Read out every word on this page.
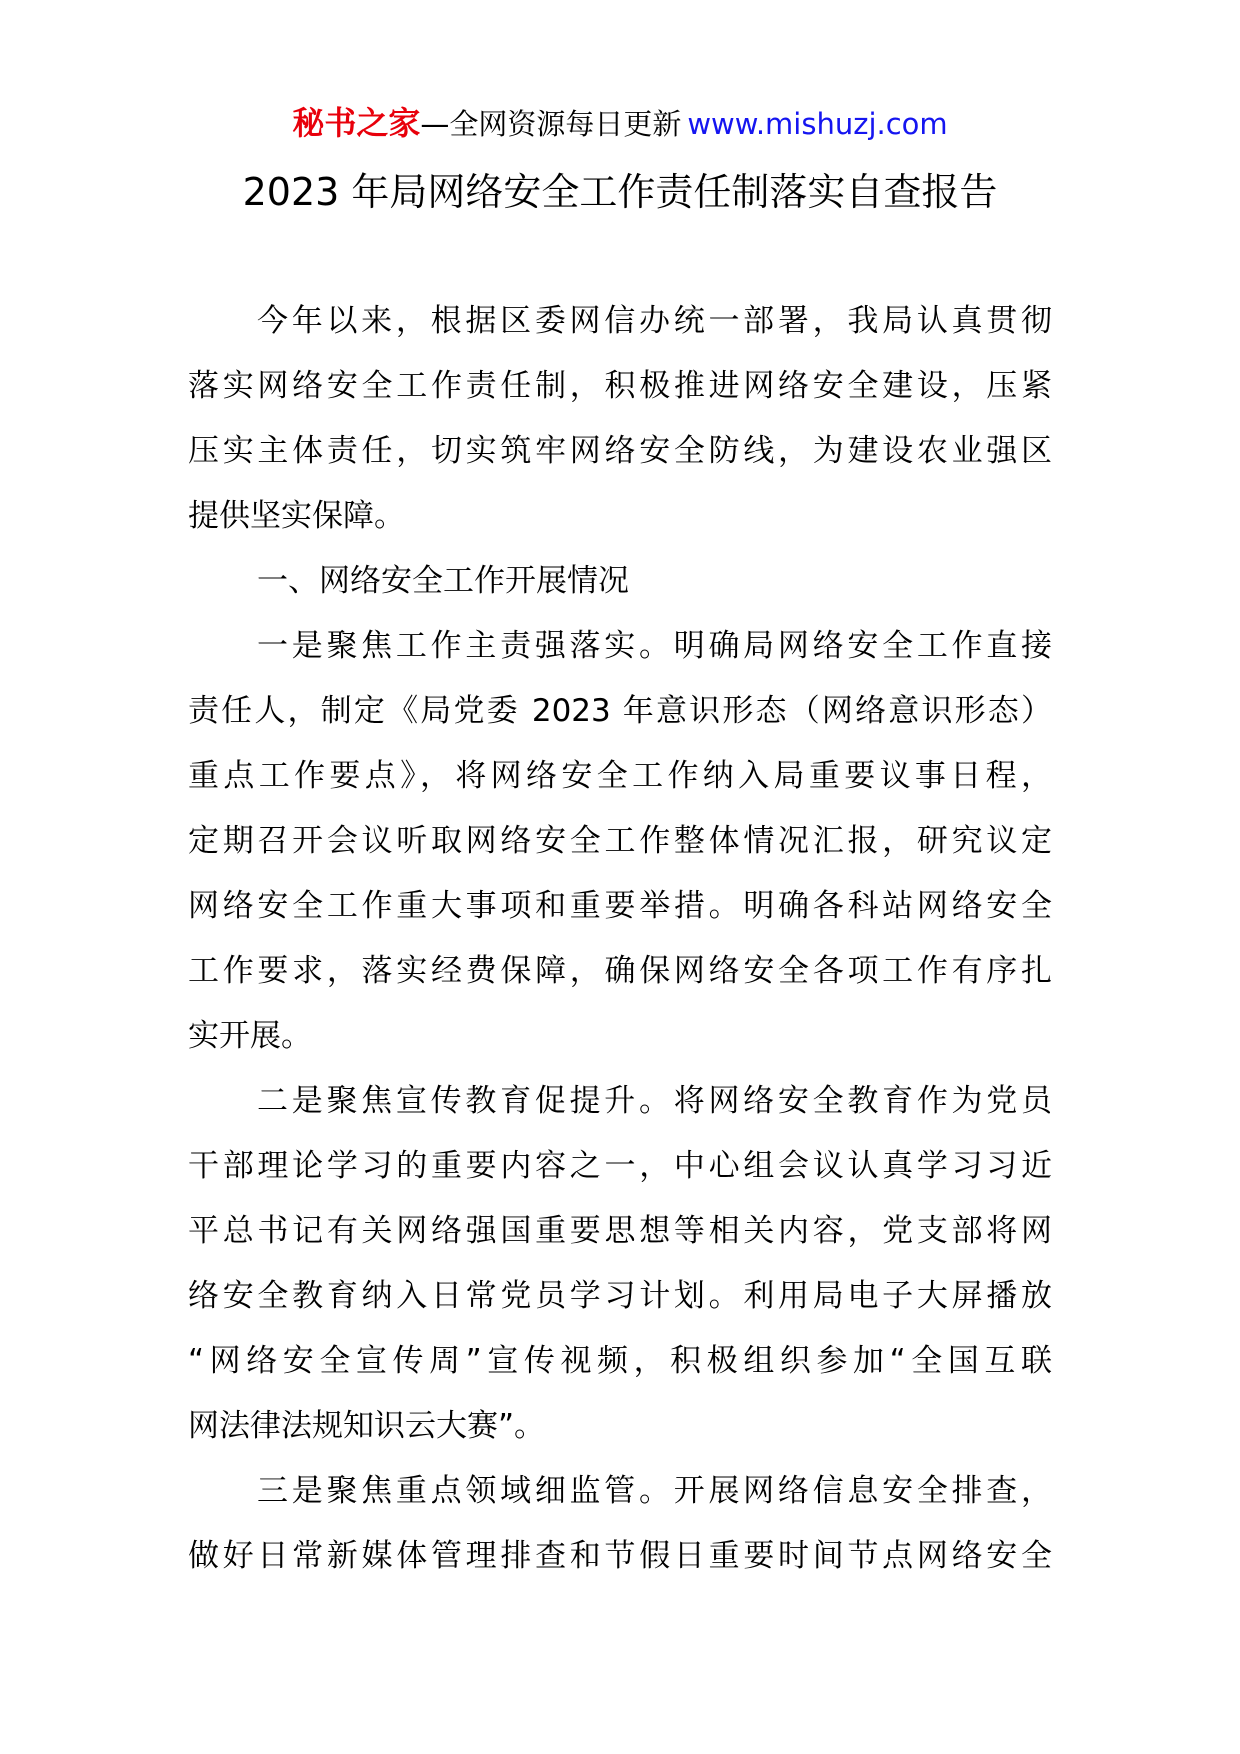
秘书之家—全网资源每日更新 www.mishuzj.com
2023 年局网络安全工作责任制落实自查报告
今年以来，根据区委网信办统一部署，我局认真贯彻
落实网络安全工作责任制，积极推进网络安全建设，压紧
压实主体责任，切实筑牢网络安全防线，为建设农业强区
提供坚实保障。
一、网络安全工作开展情况
一是聚焦工作主责强落实。明确局网络安全工作直接
责任人，制定《局党委 2023 年意识形态（网络意识形态）
重点工作要点》，将网络安全工作纳入局重要议事日程，
定期召开会议听取网络安全工作整体情况汇报，研究议定
网络安全工作重大事项和重要举措。明确各科站网络安全
工作要求，落实经费保障，确保网络安全各项工作有序扎
实开展。
二是聚焦宣传教育促提升。将网络安全教育作为党员
干部理论学习的重要内容之一，中心组会议认真学习习近
平总书记有关网络强国重要思想等相关内容，党支部将网
络安全教育纳入日常党员学习计划。利用局电子大屏播放
“网络安全宣传周”宣传视频，积极组织参加“全国互联
网法律法规知识云大赛”。
三是聚焦重点领域细监管。开展网络信息安全排查，
做好日常新媒体管理排查和节假日重要时间节点网络安全
